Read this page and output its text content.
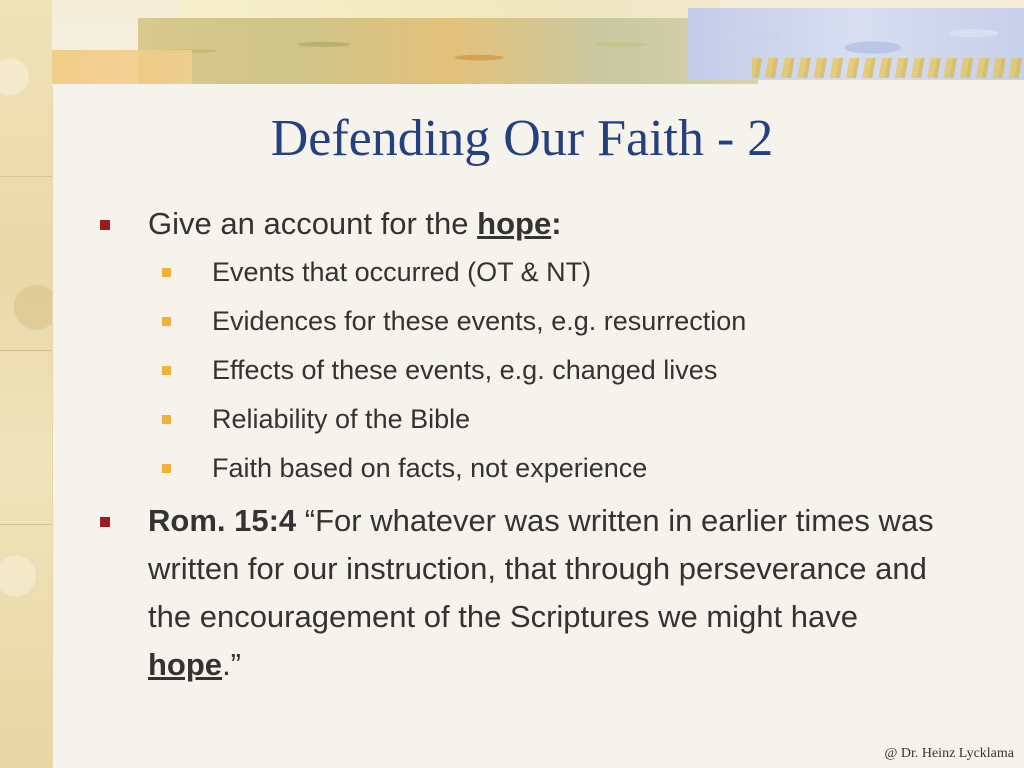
Defending Our Faith - 2
Give an account for the hope:
Events that occurred (OT & NT)
Evidences for these events, e.g. resurrection
Effects of these events, e.g. changed lives
Reliability of the Bible
Faith based on facts, not experience
Rom. 15:4 “For whatever was written in earlier times was written for our instruction, that through perseverance and the encouragement of the Scriptures we might have hope.”
@ Dr. Heinz Lycklama
